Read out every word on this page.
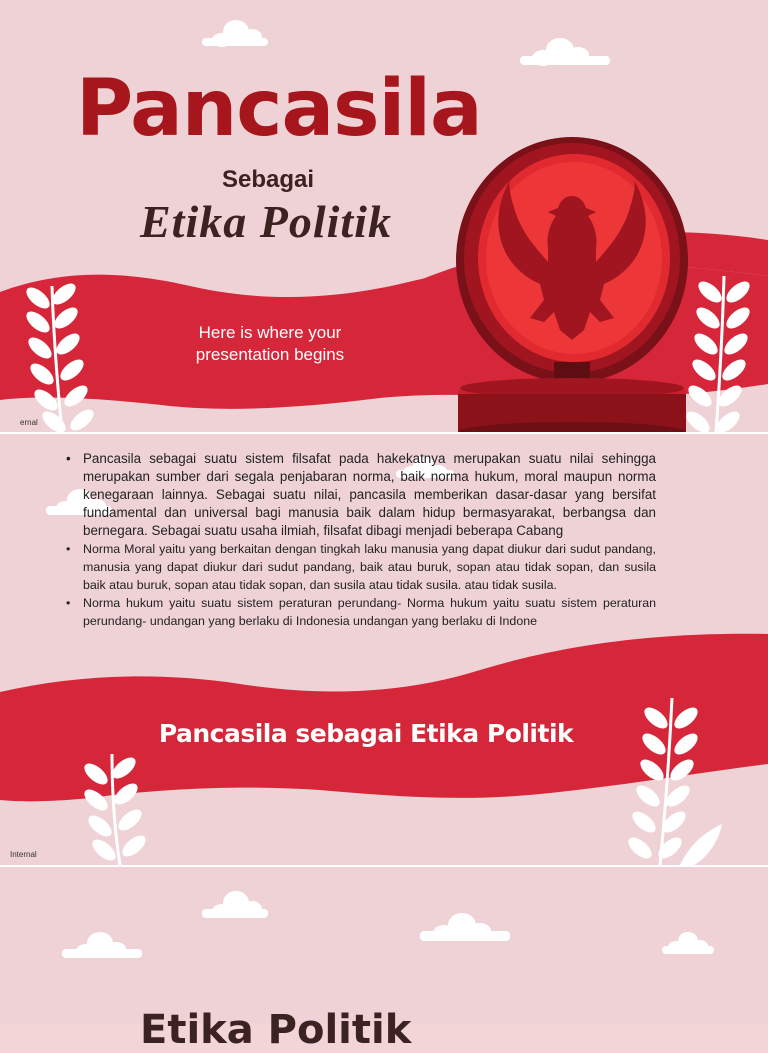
Pancasila
Sebagai
Etika Politik
Here is where your presentation begins
ernal
• Pancasila sebagai suatu sistem filsafat pada hakekatnya merupakan suatu nilai sehingga merupakan sumber dari segala penjabaran norma, baik norma hukum, moral maupun norma kenegaraan lainnya. Sebagai suatu nilai, pancasila memberikan dasar-dasar yang bersifat fundamental dan universal bagi manusia baik dalam hidup bermasyarakat, berbangsa dan bernegara. Sebagai suatu usaha ilmiah, filsafat dibagi menjadi beberapa Cabang
• Norma Moral yaitu yang berkaitan dengan tingkah laku manusia yang dapat diukur dari sudut pandang, manusia yang dapat diukur dari sudut pandang, baik atau buruk, sopan atau tidak sopan, dan susila baik atau buruk, sopan atau tidak sopan, dan susila atau tidak susila. atau tidak susila.
• Norma hukum yaitu suatu sistem peraturan perundang- Norma hukum yaitu suatu sistem peraturan perundang- undangan yang berlaku di Indonesia undangan yang berlaku di Indone
Pancasila sebagai Etika Politik
Internal
Etika Politik
